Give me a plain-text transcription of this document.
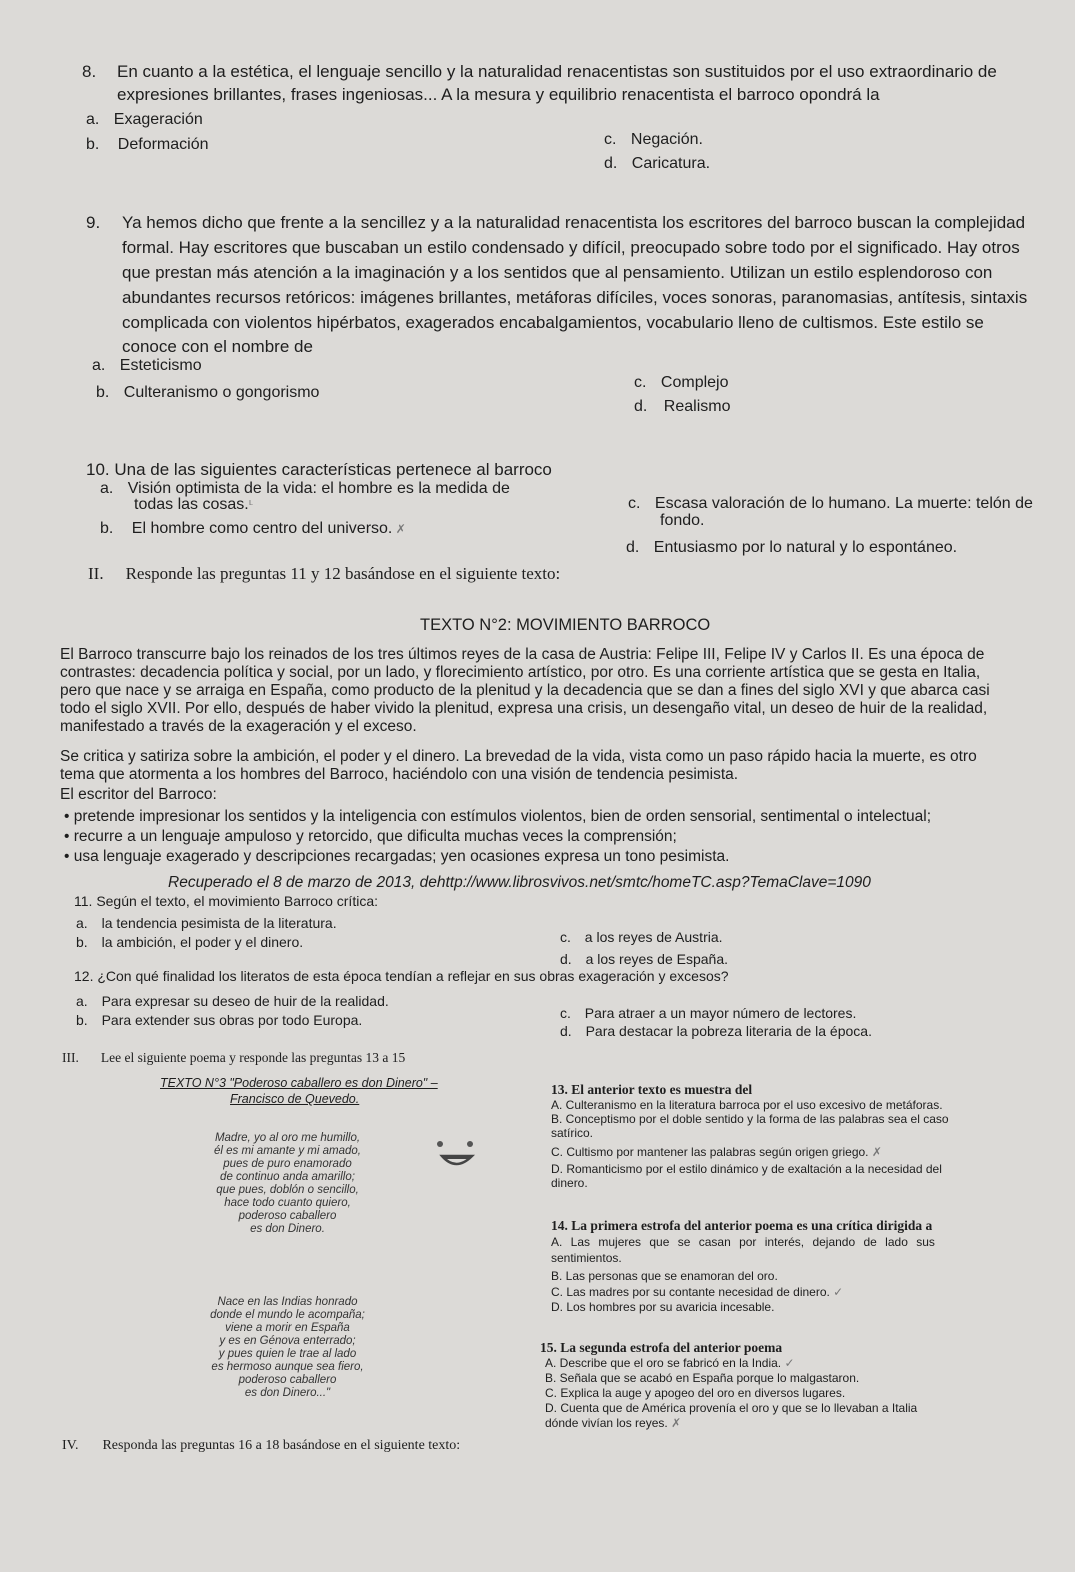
8. En cuanto a la estética, el lenguaje sencillo y la naturalidad renacentistas son sustituidos por el uso extraordinario de
expresiones brillantes, frases ingeniosas... A la mesura y equilibrio renacentista el barroco opondrá la
a. Exageración
b. Deformación	c. Negación.
d. Caricatura.
9. Ya hemos dicho que frente a la sencillez y a la naturalidad renacentista los escritores del barroco buscan la complejidad
formal. Hay escritores que buscaban un estilo condensado y difícil, preocupado sobre todo por el significado. Hay otros
que prestan más atención a la imaginación y a los sentidos que al pensamiento. Utilizan un estilo esplendoroso con
abundantes recursos retóricos: imágenes brillantes, metáforas difíciles, voces sonoras, paranomasias, antítesis, sintaxis
complicada con violentos hipérbatos, exagerados encabalgamientos, vocabulario lleno de cultismos. Este estilo se
conoce con el nombre de
a. Esteticismo
b. Culteranismo o gongorismo
c. Complejo
d. Realismo
10. Una de las siguientes características pertenece al barroco
a. Visión optimista de la vida: el hombre es la medida de
todas las cosas.ᒻ
b. El hombre como centro del universo. ✗
c. Escasa valoración de lo humano. La muerte: telón de
fondo.
d. Entusiasmo por lo natural y lo espontáneo.
II. Responde las preguntas 11 y 12 basándose en el siguiente texto:
TEXTO N°2: MOVIMIENTO BARROCO
El Barroco transcurre bajo los reinados de los tres últimos reyes de la casa de Austria: Felipe III, Felipe IV y Carlos II. Es una época de
contrastes: decadencia política y social, por un lado, y florecimiento artístico, por otro. Es una corriente artística que se gesta en Italia,
pero que nace y se arraiga en España, como producto de la plenitud y la decadencia que se dan a fines del siglo XVI y que abarca casi
todo el siglo XVII. Por ello, después de haber vivido la plenitud, expresa una crisis, un desengaño vital, un deseo de huir de la realidad,
manifestado a través de la exageración y el exceso.
Se critica y satiriza sobre la ambición, el poder y el dinero. La brevedad de la vida, vista como un paso rápido hacia la muerte, es otro
tema que atormenta a los hombres del Barroco, haciéndolo con una visión de tendencia pesimista.
El escritor del Barroco:
• pretende impresionar los sentidos y la inteligencia con estímulos violentos, bien de orden sensorial, sentimental o intelectual;
• recurre a un lenguaje ampuloso y retorcido, que dificulta muchas veces la comprensión;
• usa lenguaje exagerado y descripciones recargadas; yen ocasiones expresa un tono pesimista.
Recuperado el 8 de marzo de 2013, dehttp://www.librosvivos.net/smtc/homeTC.asp?TemaClave=1090
11. Según el texto, el movimiento Barroco crítica:
a. la tendencia pesimista de la literatura.
b. la ambición, el poder y el dinero.	c. a los reyes de Austria.
d. a los reyes de España.
12. ¿Con qué finalidad los literatos de esta época tendían a reflejar en sus obras exageración y excesos?
a. Para expresar su deseo de huir de la realidad.
b. Para extender sus obras por todo Europa.	c. Para atraer a un mayor número de lectores.
d. Para destacar la pobreza literaria de la época.
III. Lee el siguiente poema y responde las preguntas 13 a 15
TEXTO N°3 "Poderoso caballero es don Dinero" –
Francisco de Quevedo.
Madre, yo al oro me humillo,
él es mi amante y mi amado,
pues de puro enamorado
de continuo anda amarillo;
que pues, doblón o sencillo,
hace todo cuanto quiero,
poderoso caballero
es don Dinero.
Nace en las Indias honrado
donde el mundo le acompaña;
viene a morir en España
y es en Génova enterrado;
y pues quien le trae al lado
es hermoso aunque sea fiero,
poderoso caballero
es don Dinero..."
13. El anterior texto es muestra del
A. Culteranismo en la literatura barroca por el uso excesivo de metáforas.
B. Conceptismo por el doble sentido y la forma de las palabras sea el caso
satírico.
C. Cultismo por mantener las palabras según origen griego. ✗
D. Romanticismo por el estilo dinámico y de exaltación a la necesidad del
dinero.
14. La primera estrofa del anterior poema es una crítica dirigida a
A. Las mujeres que se casan por interés, dejando de lado sus
sentimientos.
B. Las personas que se enamoran del oro.
C. Las madres por su contante necesidad de dinero. ✓
D. Los hombres por su avaricia incesable.
15. La segunda estrofa del anterior poema
A. Describe que el oro se fabricó en la India. ✓
B. Señala que se acabó en España porque lo malgastaron.
C. Explica la auge y apogeo del oro en diversos lugares.
D. Cuenta que de América provenía el oro y que se lo llevaban a Italia
dónde vivían los reyes. ✗
IV. Responda las preguntas 16 a 18 basándose en el siguiente texto:
